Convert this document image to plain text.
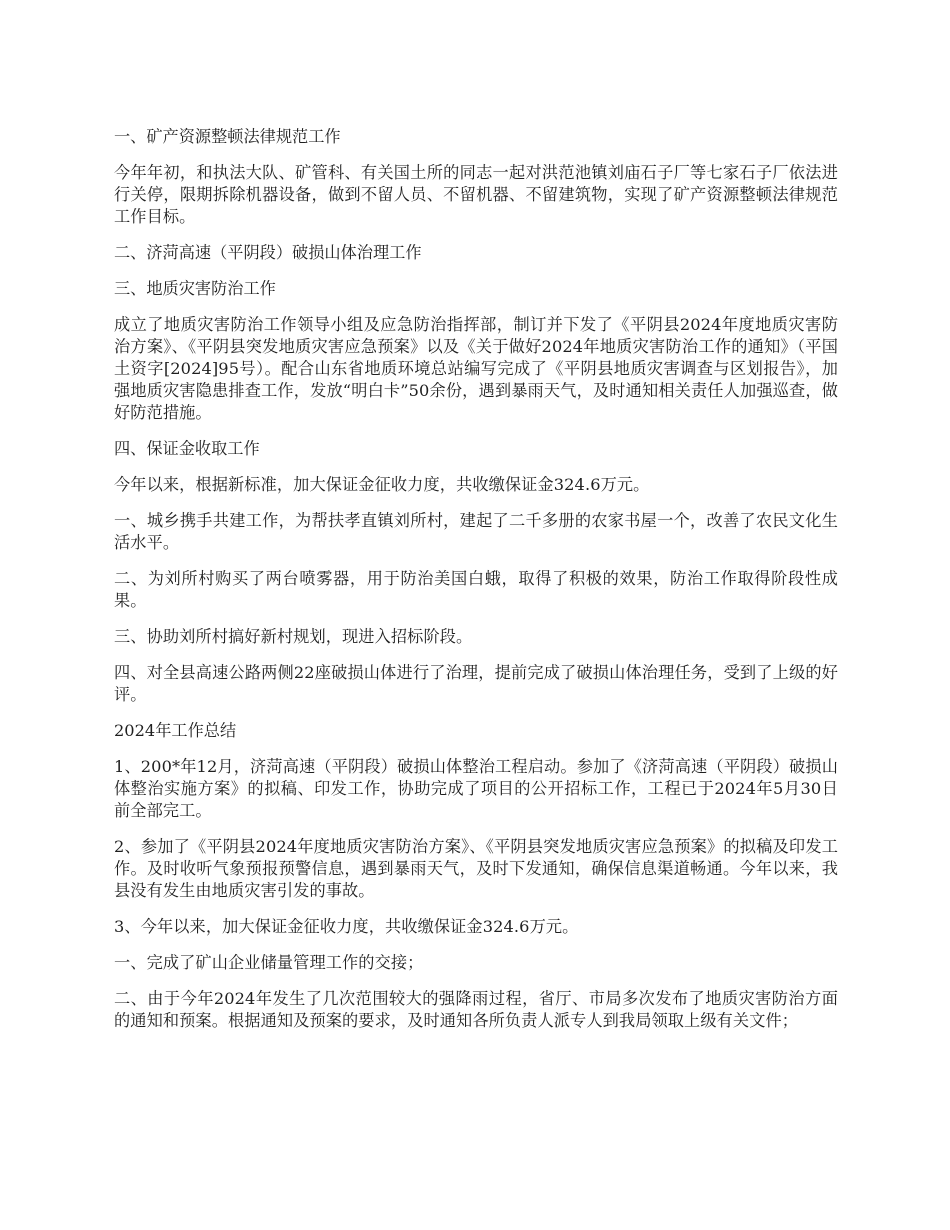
一、矿产资源整顿法律规范工作

今年年初，和执法大队、矿管科、有关国土所的同志一起对洪范池镇刘庙石子厂等七家石子厂依法进行关停，限期拆除机器设备，做到不留人员、不留机器、不留建筑物，实现了矿产资源整顿法律规范工作目标。

二、济菏高速（平阴段）破损山体治理工作

三、地质灾害防治工作

成立了地质灾害防治工作领导小组及应急防治指挥部，制订并下发了《平阴县2024年度地质灾害防治方案》、《平阴县突发地质灾害应急预案》以及《关于做好2024年地质灾害防治工作的通知》（平国土资字[2024]95号）。配合山东省地质环境总站编写完成了《平阴县地质灾害调查与区划报告》，加强地质灾害隐患排查工作，发放“明白卡”50余份，遇到暴雨天气，及时通知相关责任人加强巡查，做好防范措施。

四、保证金收取工作

今年以来，根据新标准，加大保证金征收力度，共收缴保证金324.6万元。

一、城乡携手共建工作，为帮扶孝直镇刘所村，建起了二千多册的农家书屋一个，改善了农民文化生活水平。

二、为刘所村购买了两台喷雾器，用于防治美国白蛾，取得了积极的效果，防治工作取得阶段性成果。

三、协助刘所村搞好新村规划，现进入招标阶段。

四、对全县高速公路两侧22座破损山体进行了治理，提前完成了破损山体治理任务，受到了上级的好评。

2024年工作总结

1、200*年12月，济菏高速（平阴段）破损山体整治工程启动。参加了《济菏高速（平阴段）破损山体整治实施方案》的拟稿、印发工作，协助完成了项目的公开招标工作，工程已于2024年5月30日前全部完工。

2、参加了《平阴县2024年度地质灾害防治方案》、《平阴县突发地质灾害应急预案》的拟稿及印发工作。及时收听气象预报预警信息，遇到暴雨天气，及时下发通知，确保信息渠道畅通。今年以来，我县没有发生由地质灾害引发的事故。

3、今年以来，加大保证金征收力度，共收缴保证金324.6万元。

一、完成了矿山企业储量管理工作的交接；

二、由于今年2024年发生了几次范围较大的强降雨过程，省厅、市局多次发布了地质灾害防治方面的通知和预案。根据通知及预案的要求，及时通知各所负责人派专人到我局领取上级有关文件；
